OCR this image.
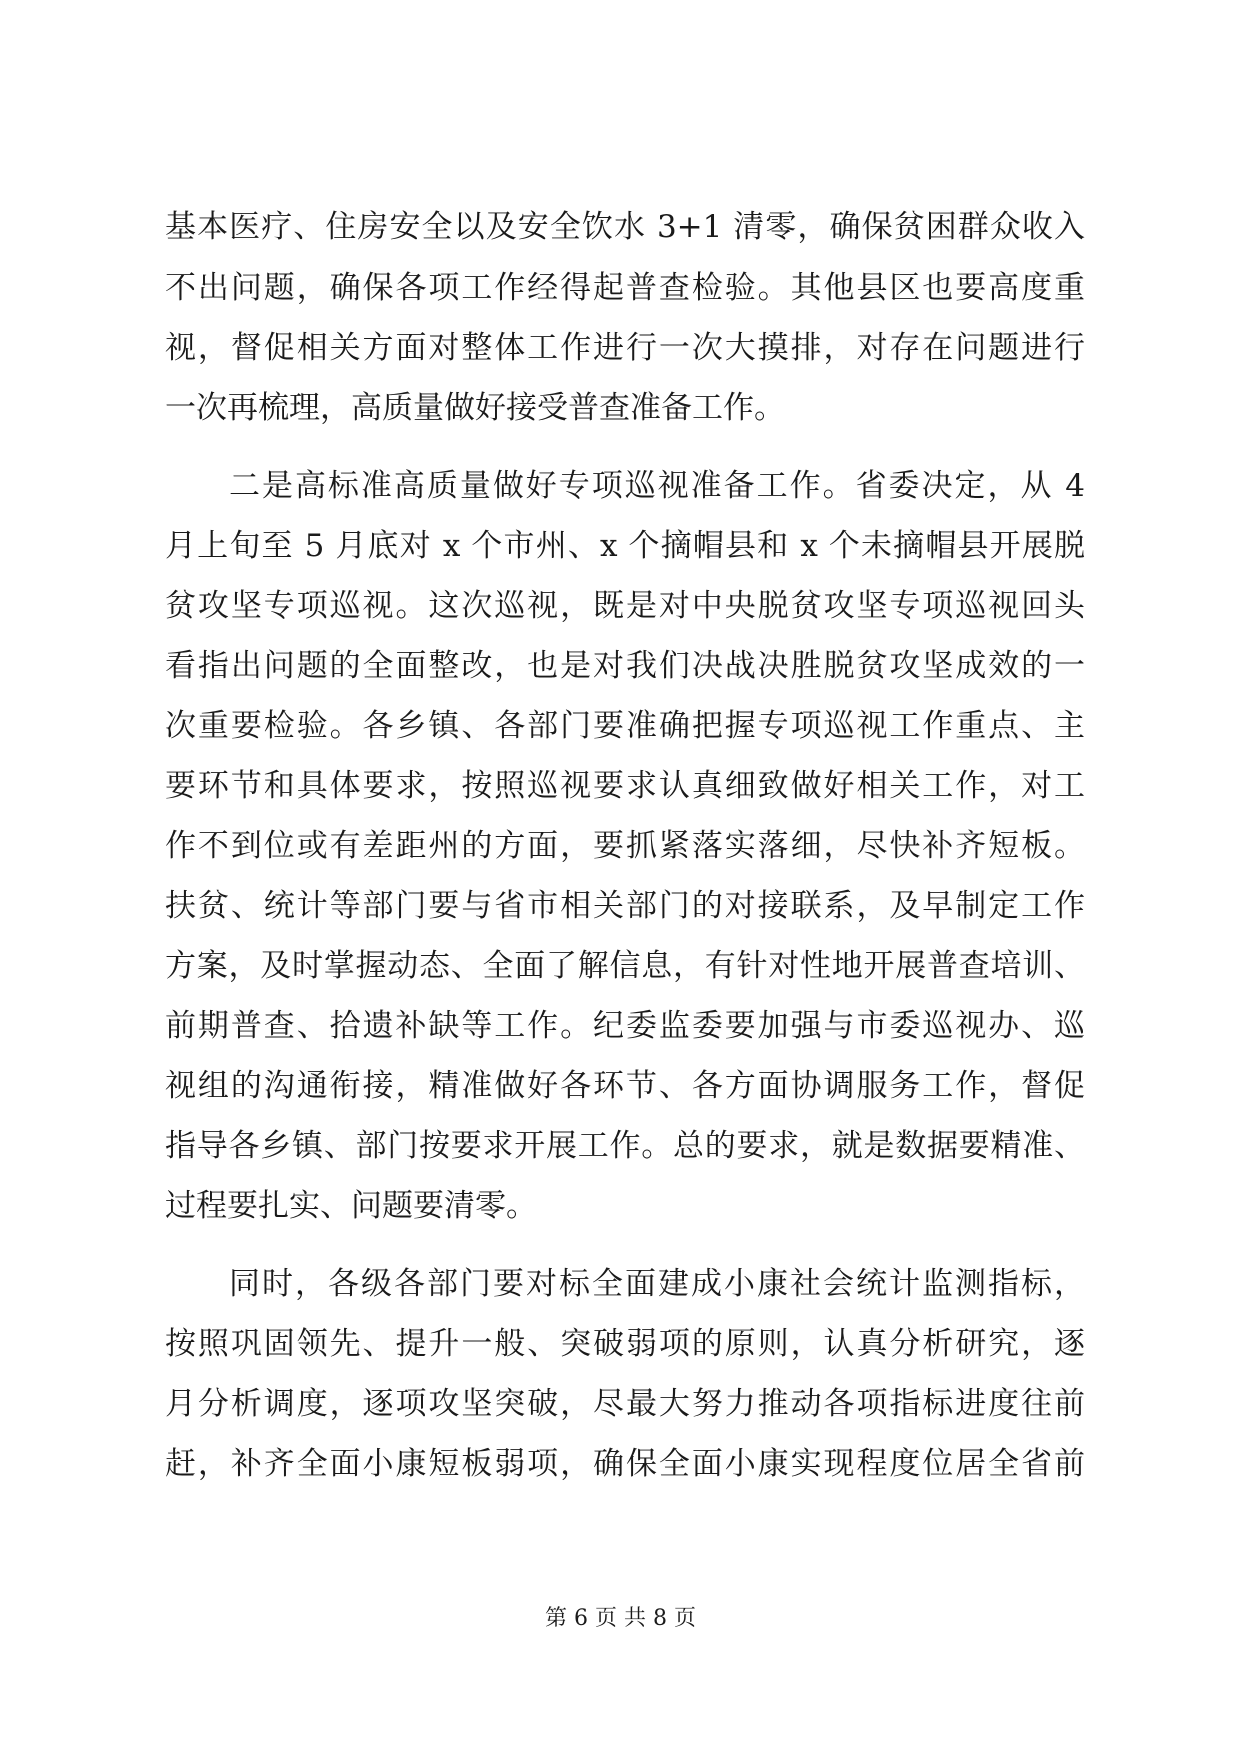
基本医疗、住房安全以及安全饮水 3+1 清零，确保贫困群众收入
不出问题，确保各项工作经得起普查检验。其他县区也要高度重
视，督促相关方面对整体工作进行一次大摸排，对存在问题进行
一次再梳理，高质量做好接受普查准备工作。
二是高标准高质量做好专项巡视准备工作。省委决定，从 4
月上旬至 5 月底对 x 个市州、x 个摘帽县和 x 个未摘帽县开展脱
贫攻坚专项巡视。这次巡视，既是对中央脱贫攻坚专项巡视回头
看指出问题的全面整改，也是对我们决战决胜脱贫攻坚成效的一
次重要检验。各乡镇、各部门要准确把握专项巡视工作重点、主
要环节和具体要求，按照巡视要求认真细致做好相关工作，对工
作不到位或有差距州的方面，要抓紧落实落细，尽快补齐短板。
扶贫、统计等部门要与省市相关部门的对接联系，及早制定工作
方案，及时掌握动态、全面了解信息，有针对性地开展普查培训、
前期普查、拾遗补缺等工作。纪委监委要加强与市委巡视办、巡
视组的沟通衔接，精准做好各环节、各方面协调服务工作，督促
指导各乡镇、部门按要求开展工作。总的要求，就是数据要精准、
过程要扎实、问题要清零。
同时，各级各部门要对标全面建成小康社会统计监测指标，
按照巩固领先、提升一般、突破弱项的原则，认真分析研究，逐
月分析调度，逐项攻坚突破，尽最大努力推动各项指标进度往前
赶，补齐全面小康短板弱项，确保全面小康实现程度位居全省前
第 6 页 共 8 页
